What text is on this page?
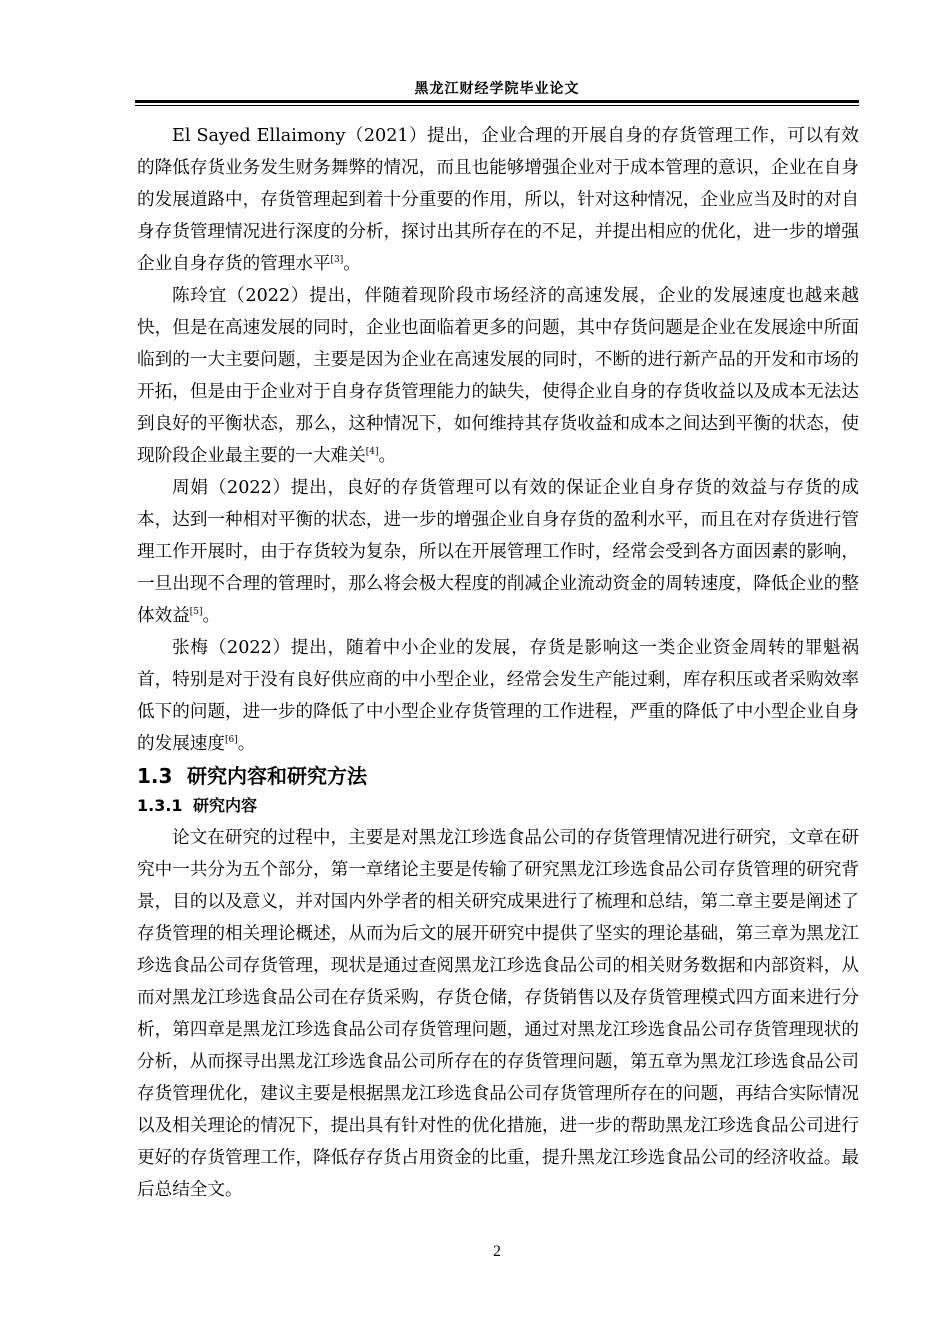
黑龙江财经学院毕业论文

El Sayed Ellaimony（2021）提出，企业合理的开展自身的存货管理工作，可以有效的降低存货业务发生财务舞弊的情况，而且也能够增强企业对于成本管理的意识，企业在自身的发展道路中，存货管理起到着十分重要的作用，所以，针对这种情况，企业应当及时的对自身存货管理情况进行深度的分析，探讨出其所存在的不足，并提出相应的优化，进一步的增强企业自身存货的管理水平[3]。

陈玲宜（2022）提出，伴随着现阶段市场经济的高速发展，企业的发展速度也越来越快，但是在高速发展的同时，企业也面临着更多的问题，其中存货问题是企业在发展途中所面临到的一大主要问题，主要是因为企业在高速发展的同时，不断的进行新产品的开发和市场的开拓，但是由于企业对于自身存货管理能力的缺失，使得企业自身的存货收益以及成本无法达到良好的平衡状态，那么，这种情况下，如何维持其存货收益和成本之间达到平衡的状态，使现阶段企业最主要的一大难关[4]。

周娟（2022）提出，良好的存货管理可以有效的保证企业自身存货的效益与存货的成本，达到一种相对平衡的状态，进一步的增强企业自身存货的盈利水平，而且在对存货进行管理工作开展时，由于存货较为复杂，所以在开展管理工作时，经常会受到各方面因素的影响，一旦出现不合理的管理时，那么将会极大程度的削减企业流动资金的周转速度，降低企业的整体效益[5]。

张梅（2022）提出，随着中小企业的发展，存货是影响这一类企业资金周转的罪魁祸首，特别是对于没有良好供应商的中小型企业，经常会发生产能过剩，库存积压或者采购效率低下的问题，进一步的降低了中小型企业存货管理的工作进程，严重的降低了中小型企业自身的发展速度[6]。

1.3 研究内容和研究方法
1.3.1 研究内容

论文在研究的过程中，主要是对黑龙江珍选食品公司的存货管理情况进行研究，文章在研究中一共分为五个部分，第一章绪论主要是传输了研究黑龙江珍选食品公司存货管理的研究背景，目的以及意义，并对国内外学者的相关研究成果进行了梳理和总结，第二章主要是阐述了存货管理的相关理论概述，从而为后文的展开研究中提供了坚实的理论基础，第三章为黑龙江珍选食品公司存货管理，现状是通过查阅黑龙江珍选食品公司的相关财务数据和内部资料，从而对黑龙江珍选食品公司在存货采购，存货仓储，存货销售以及存货管理模式四方面来进行分析，第四章是黑龙江珍选食品公司存货管理问题，通过对黑龙江珍选食品公司存货管理现状的分析，从而探寻出黑龙江珍选食品公司所存在的存货管理问题，第五章为黑龙江珍选食品公司存货管理优化，建议主要是根据黑龙江珍选食品公司存货管理所存在的问题，再结合实际情况以及相关理论的情况下，提出具有针对性的优化措施，进一步的帮助黑龙江珍选食品公司进行更好的存货管理工作，降低存存货占用资金的比重，提升黑龙江珍选食品公司的经济收益。最后总结全文。

2
